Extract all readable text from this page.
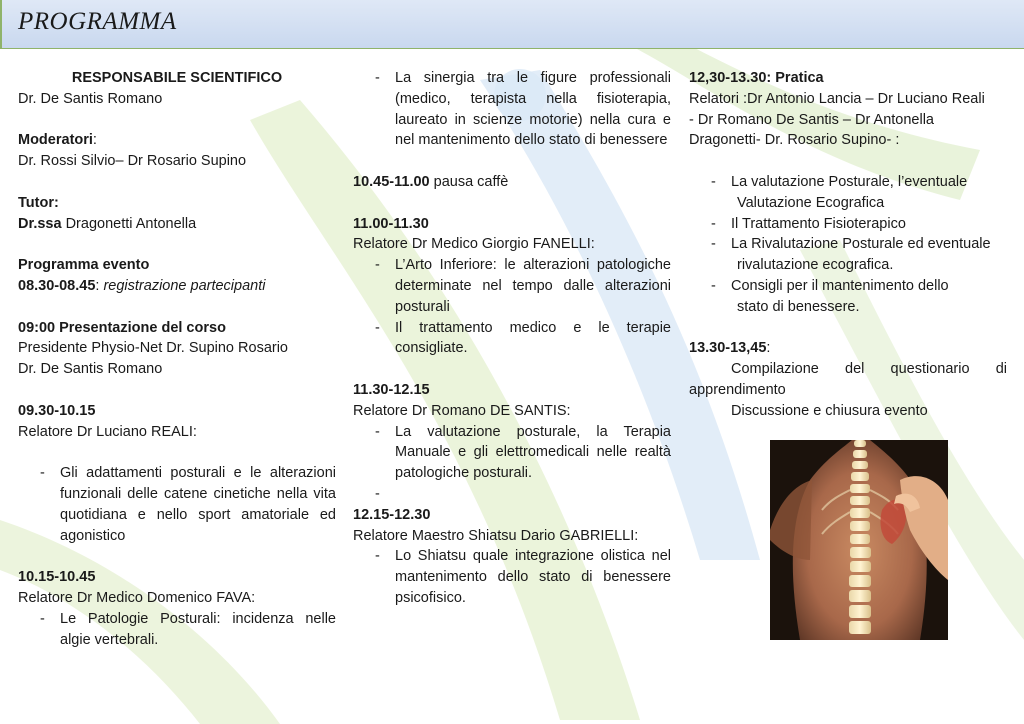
PROGRAMMA

RESPONSABILE SCIENTIFICO

Dr. De Santis Romano

Moderatori:

Dr. Rossi Silvio– Dr Rosario Supino

Tutor:

Dr.ssa Dragonetti Antonella

Programma evento

08.30-08.45: registrazione partecipanti

09:00 Presentazione del corso

Presidente Physio-Net Dr. Supino Rosario

Dr. De Santis Romano

09.30-10.15

Relatore Dr Luciano REALI:

- Gli adattamenti posturali e le alterazioni funzionali delle catene cinetiche nella vita quotidiana e nello sport amatoriale ed agonistico

10.15-10.45

Relatore Dr Medico Domenico FAVA:

- Le Patologie Posturali: incidenza nelle algie vertebrali.
- La sinergia tra le figure professionali (medico, terapista nella fisioterapia, laureato in scienze motorie) nella cura e nel mantenimento dello stato di benessere

10.45-11.00 pausa caffè

11.00-11.30

Relatore Dr Medico Giorgio FANELLI:

- L’Arto Inferiore: le alterazioni patologiche determinate nel tempo dalle alterazioni posturali
- Il trattamento medico e le terapie consigliate.

11.30-12.15

Relatore Dr Romano DE SANTIS:

- La valutazione posturale, la Terapia Manuale e gli elettromedicali nelle realtà patologiche posturali.
-

12.15-12.30

Relatore Maestro Shiatsu Dario GABRIELLI:

- Lo Shiatsu quale integrazione olistica nel mantenimento dello stato di benessere psicofisico.

12,30-13.30: Pratica

Relatori :Dr Antonio Lancia – Dr Luciano Reali

- Dr Romano De Santis – Dr Antonella

Dragonetti- Dr. Rosario Supino- :

- La valutazione Posturale, l’eventuale
Valutazione Ecografica
- Il Trattamento Fisioterapico
- La Rivalutazione Posturale ed eventuale
rivalutazione ecografica.
- Consigli per il mantenimento dello
stato di benessere.

13.30-13,45:

Compilazione del questionario di apprendimento

Discussione e chiusura evento
